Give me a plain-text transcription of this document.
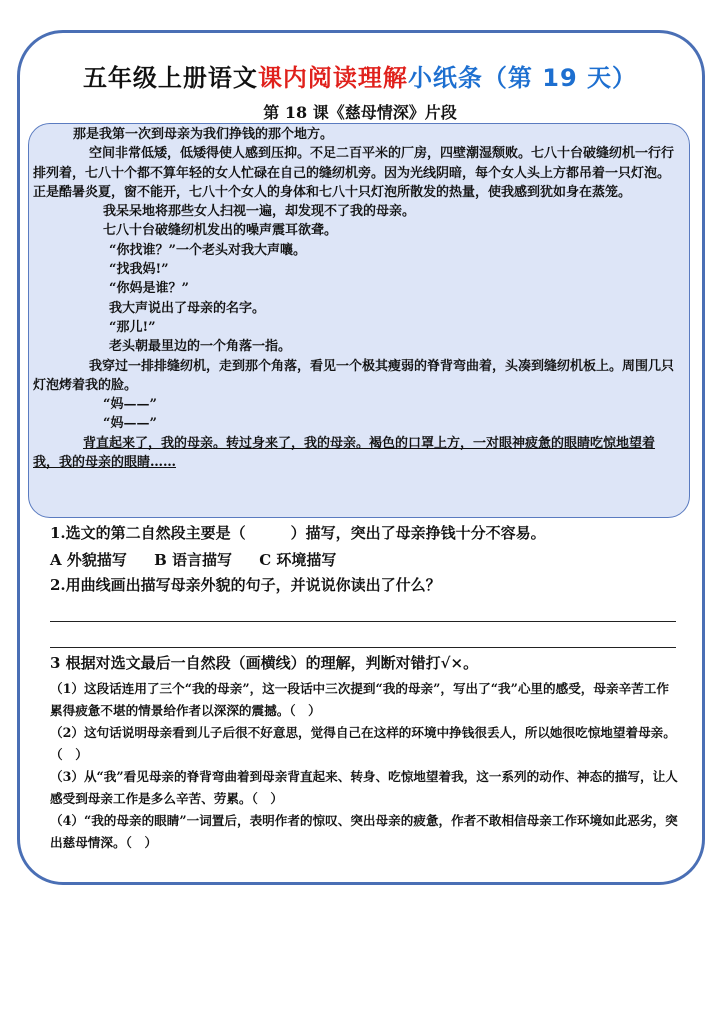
五年级上册语文课内阅读理解小纸条（第 19 天）
第 18 课《慈母情深》片段

那是我第一次到母亲为我们挣钱的那个地方。

空间非常低矮，低矮得使人感到压抑。不足二百平米的厂房，四壁潮湿颓败。七八十台破缝纫机一行行排列着，七八十个都不算年轻的女人忙碌在自己的缝纫机旁。因为光线阴暗，每个女人头上方都吊着一只灯泡。正是酷暑炎夏，窗不能开，七八十个女人的身体和七八十只灯泡所散发的热量，使我感到犹如身在蒸笼。

我呆呆地将那些女人扫视一遍，却发现不了我的母亲。

七八十台破缝纫机发出的噪声震耳欲聋。

“你找谁？”一个老头对我大声嚷。

“找我妈!”

“你妈是谁？”

我大声说出了母亲的名字。

“那儿!”

老头朝最里边的一个角落一指。

我穿过一排排缝纫机，走到那个角落，看见一个极其瘦弱的脊背弯曲着，头凑到缝纫机板上。周围几只灯泡烤着我的脸。

“妈——”

“妈——”

背直起来了，我的母亲。转过身来了，我的母亲。褐色的口罩上方，一对眼神疲惫的眼睛吃惊地望着我，我的母亲的眼睛……

1.选文的第二自然段主要是（　　　）描写，突出了母亲挣钱十分不容易。
A 外貌描写 B 语言描写 C 环境描写
2.用曲线画出描写母亲外貌的句子，并说说你读出了什么？
3 根据对选文最后一自然段（画横线）的理解，判断对错打√×。

（1）这段话连用了三个“我的母亲”，这一段话中三次提到“我的母亲”，写出了“我”心里的感受，母亲辛苦工作累得疲惫不堪的情景给作者以深深的震撼。（　）

（2）这句话说明母亲看到儿子后很不好意思，觉得自己在这样的环境中挣钱很丢人，所以她很吃惊地望着母亲。（　）

（3）从“我”看见母亲的脊背弯曲着到母亲背直起来、转身、吃惊地望着我，这一系列的动作、神态的描写，让人感受到母亲工作是多么辛苦、劳累。（　）

（4）“我的母亲的眼睛”一词置后，表明作者的惊叹、突出母亲的疲惫，作者不敢相信母亲工作环境如此恶劣，突出慈母情深。（　）
